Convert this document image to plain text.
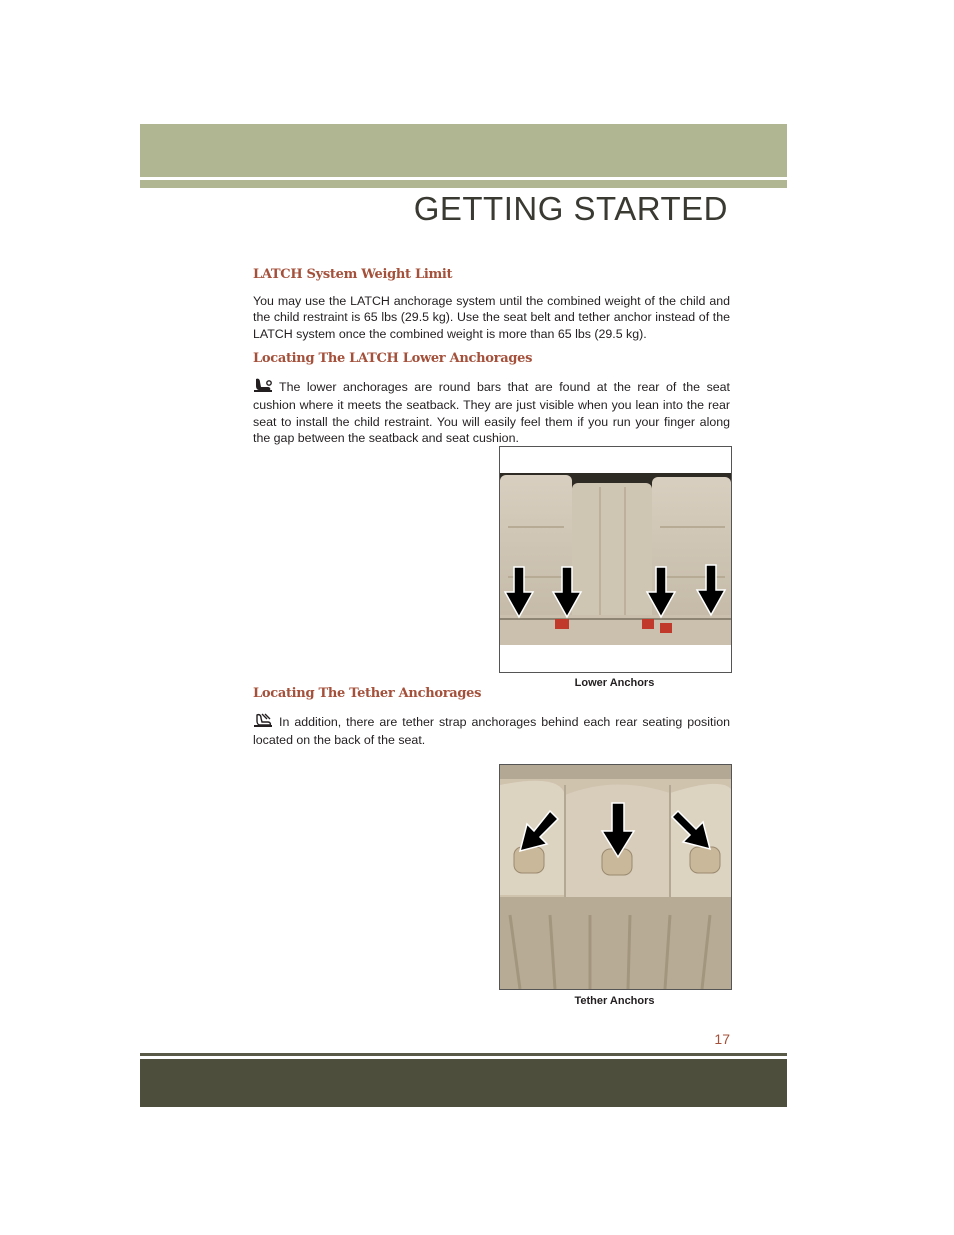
GETTING STARTED
LATCH System Weight Limit

You may use the LATCH anchorage system until the combined weight of the child and the child restraint is 65 lbs (29.5 kg). Use the seat belt and tether anchor instead of the LATCH system once the combined weight is more than 65 lbs (29.5 kg).

Locating The LATCH Lower Anchorages

The lower anchorages are round bars that are found at the rear of the seat cushion where it meets the seatback. They are just visible when you lean into the rear seat to install the child restraint. You will easily feel them if you run your finger along the gap between the seatback and seat cushion.

Lower Anchors
Locating The Tether Anchorages

In addition, there are tether strap anchorages behind each rear seating position located on the back of the seat.

Tether Anchors
17
